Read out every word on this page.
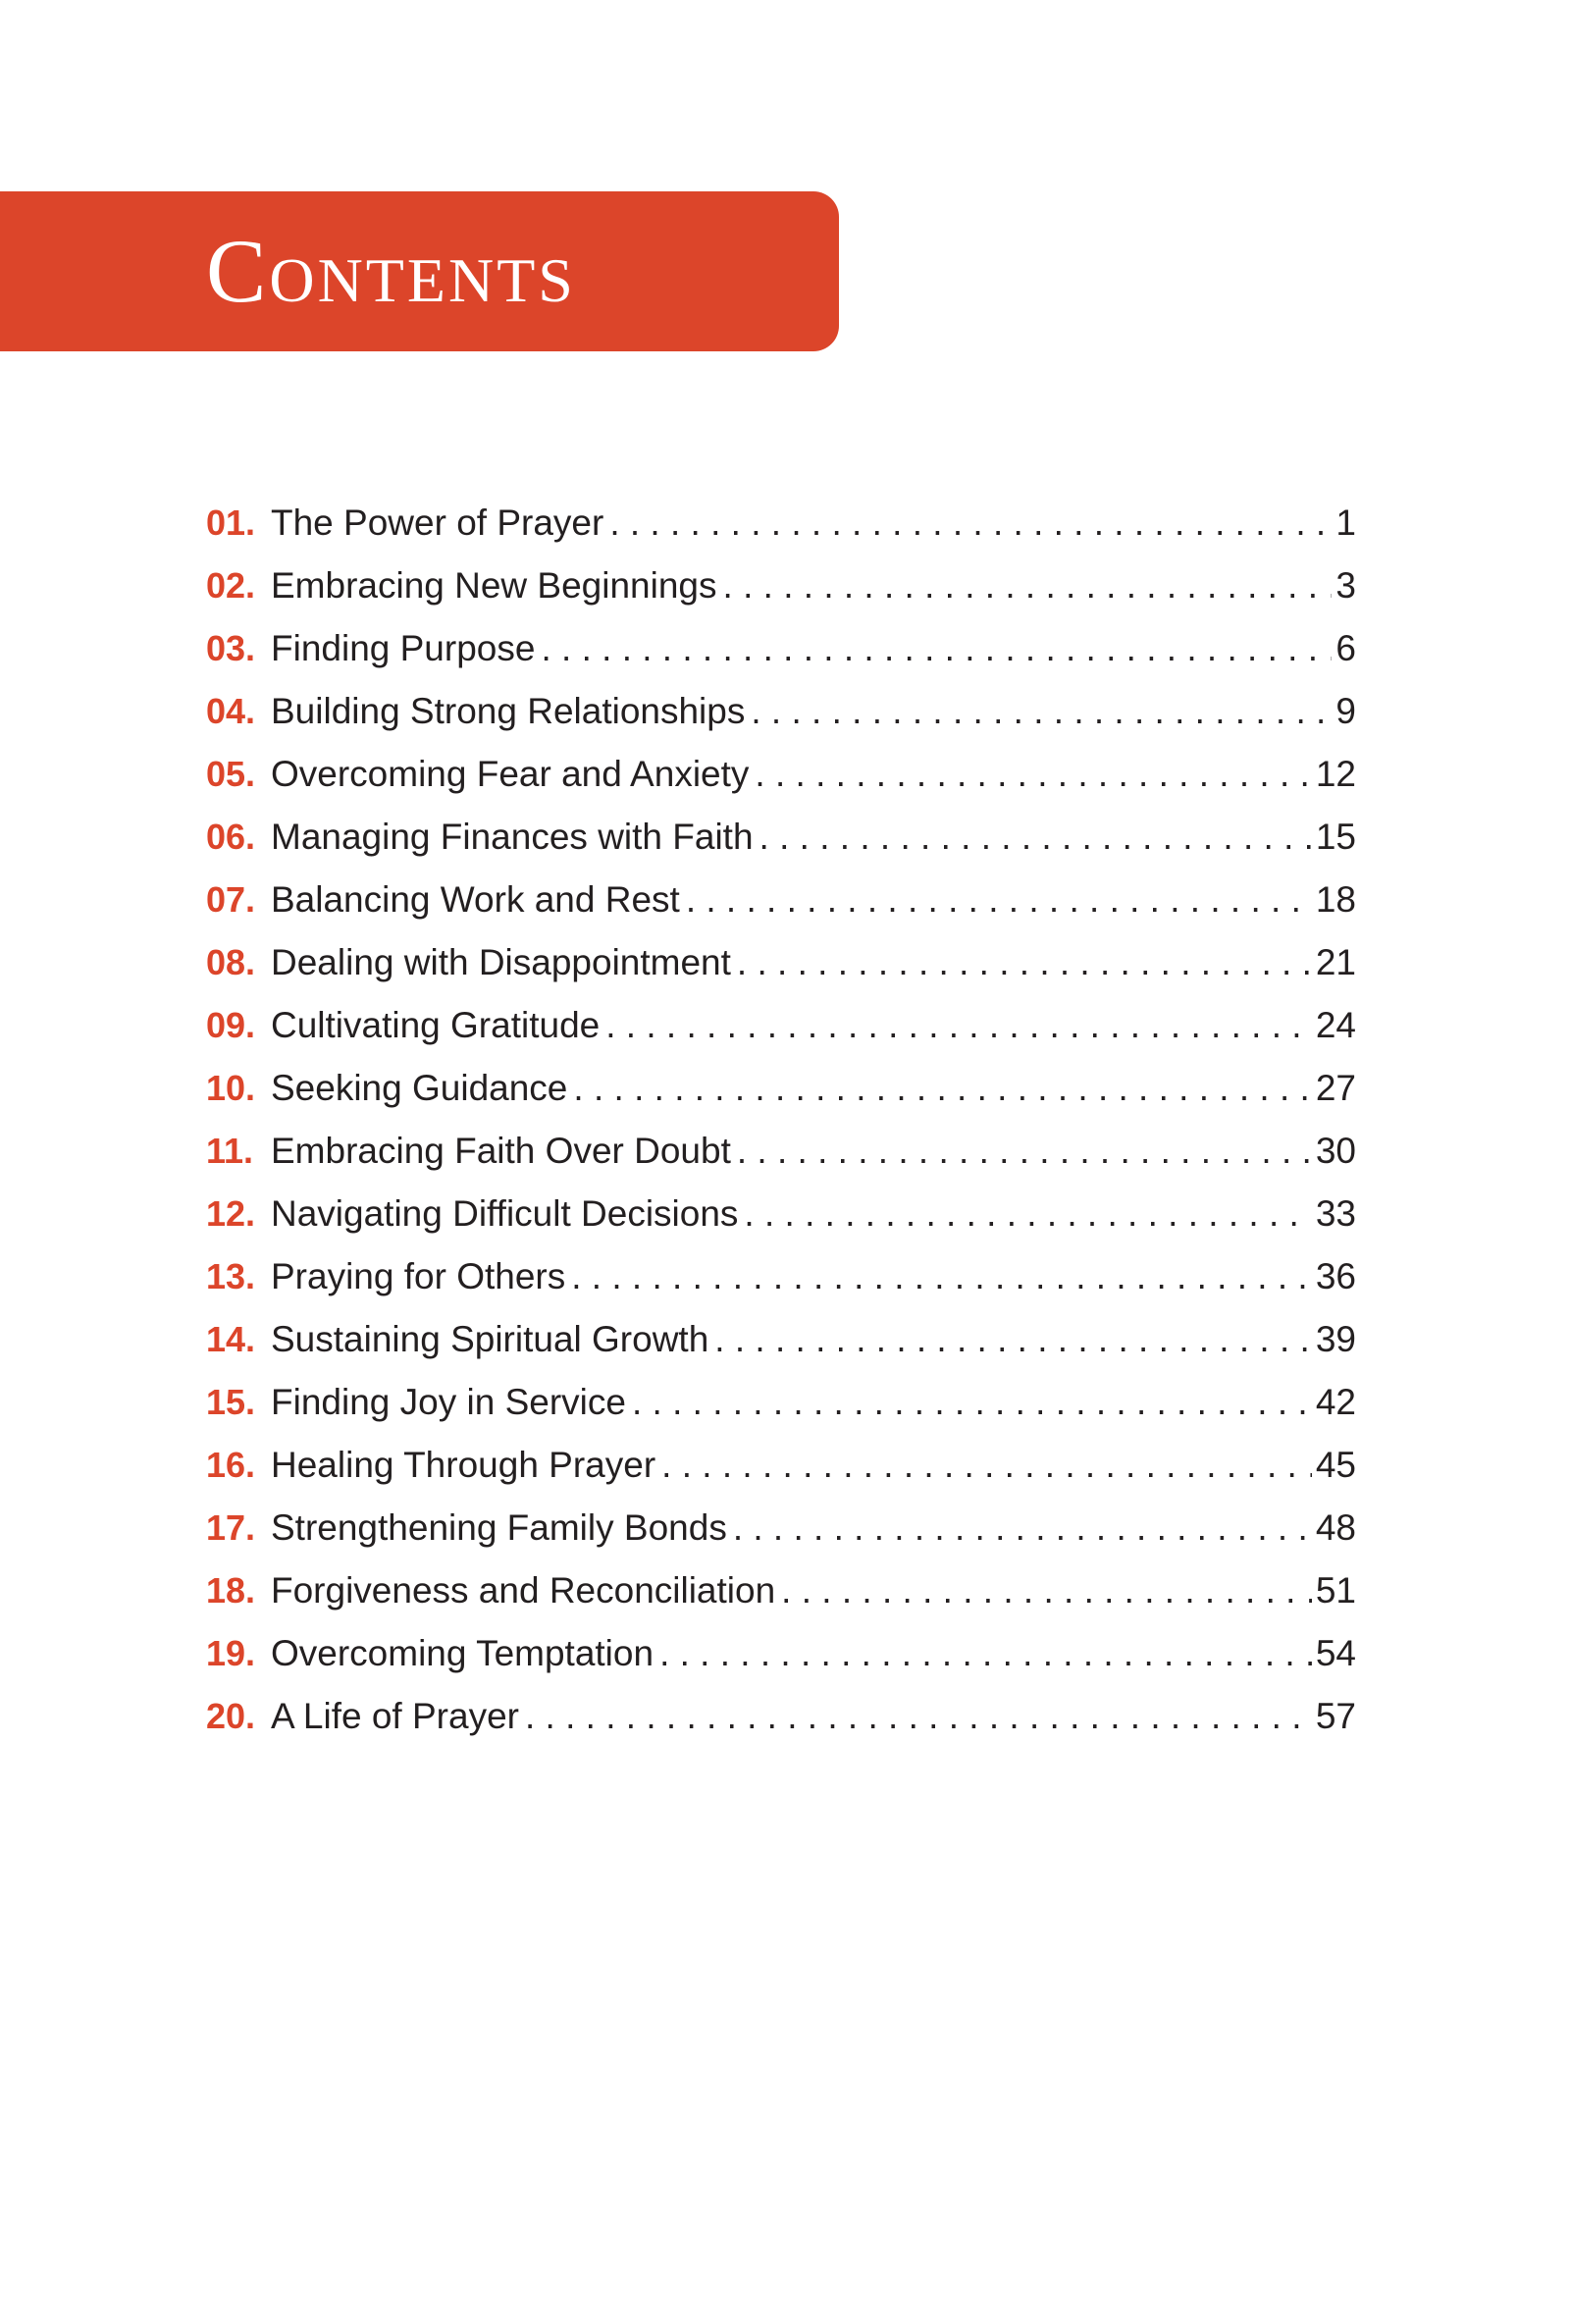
Contents
01. The Power of Prayer . . .	1
02. Embracing New Beginnings . . .	3
03. Finding Purpose . . .	6
04. Building Strong Relationships . . .	9
05. Overcoming Fear and Anxiety . . .	12
06. Managing Finances with Faith . . .	15
07. Balancing Work and Rest . . .	18
08. Dealing with Disappointment . . .	21
09. Cultivating Gratitude . . .	24
10. Seeking Guidance . . .	27
11. Embracing Faith Over Doubt . . .	30
12. Navigating Difficult Decisions . . .	33
13. Praying for Others . . .	36
14. Sustaining Spiritual Growth . . .	39
15. Finding Joy in Service . . .	42
16. Healing Through Prayer . . .	45
17. Strengthening Family Bonds . . .	48
18. Forgiveness and Reconciliation . . .	51
19. Overcoming Temptation . . .	54
20. A Life of Prayer . . .	57
